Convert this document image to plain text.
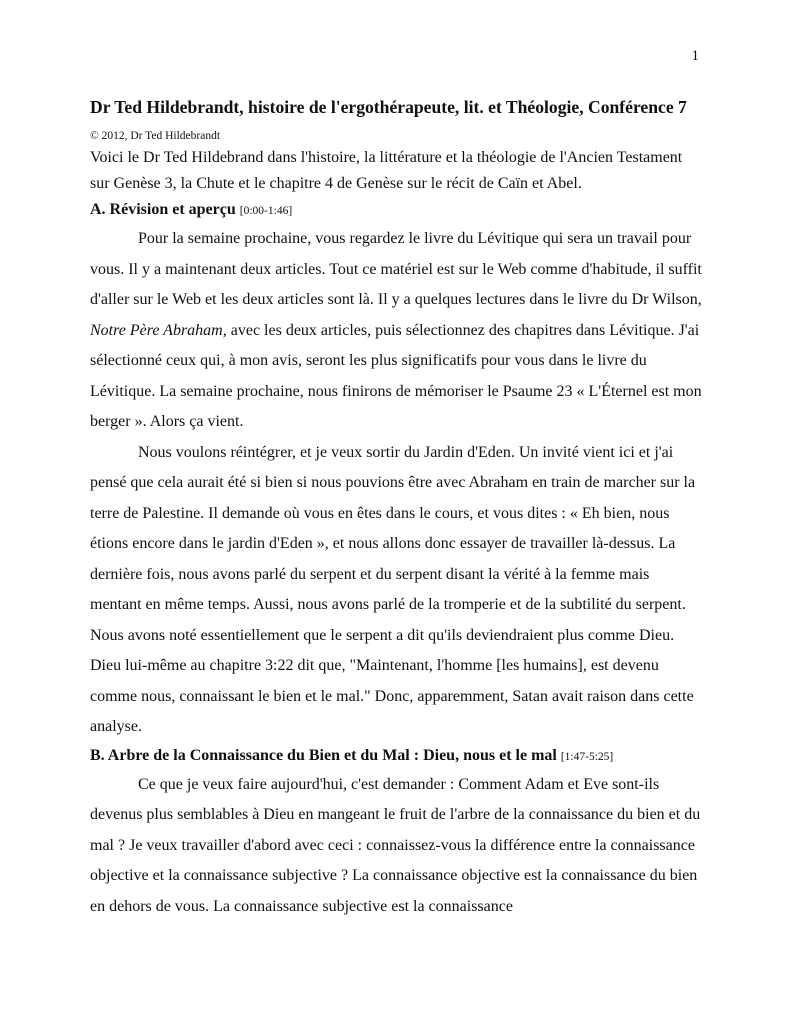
1
Dr Ted Hildebrandt, histoire de l'ergothérapeute, lit. et Théologie, Conférence 7

© 2012, Dr Ted Hildebrandt

Voici le Dr Ted Hildebrand dans l'histoire, la littérature et la théologie de l'Ancien Testament sur Genèse 3, la Chute et le chapitre 4 de Genèse sur le récit de Caïn et Abel.

A. Révision et aperçu [0:00-1:46]

Pour la semaine prochaine, vous regardez le livre du Lévitique qui sera un travail pour vous. Il y a maintenant deux articles. Tout ce matériel est sur le Web comme d'habitude, il suffit d'aller sur le Web et les deux articles sont là. Il y a quelques lectures dans le livre du Dr Wilson, Notre Père Abraham, avec les deux articles, puis sélectionnez des chapitres dans Lévitique. J'ai sélectionné ceux qui, à mon avis, seront les plus significatifs pour vous dans le livre du Lévitique. La semaine prochaine, nous finirons de mémoriser le Psaume 23 « L'Éternel est mon berger ». Alors ça vient.

Nous voulons réintégrer, et je veux sortir du Jardin d'Eden. Un invité vient ici et j'ai pensé que cela aurait été si bien si nous pouvions être avec Abraham en train de marcher sur la terre de Palestine. Il demande où vous en êtes dans le cours, et vous dites : « Eh bien, nous étions encore dans le jardin d'Eden », et nous allons donc essayer de travailler là-dessus. La dernière fois, nous avons parlé du serpent et du serpent disant la vérité à la femme mais mentant en même temps. Aussi, nous avons parlé de la tromperie et de la subtilité du serpent. Nous avons noté essentiellement que le serpent a dit qu'ils deviendraient plus comme Dieu. Dieu lui-même au chapitre 3:22 dit que, "Maintenant, l'homme [les humains], est devenu comme nous, connaissant le bien et le mal." Donc, apparemment, Satan avait raison dans cette analyse.

B. Arbre de la Connaissance du Bien et du Mal : Dieu, nous et le mal [1:47-5:25]

Ce que je veux faire aujourd'hui, c'est demander : Comment Adam et Eve sont-ils devenus plus semblables à Dieu en mangeant le fruit de l'arbre de la connaissance du bien et du mal ? Je veux travailler d'abord avec ceci : connaissez-vous la différence entre la connaissance objective et la connaissance subjective ? La connaissance objective est la connaissance du bien en dehors de vous. La connaissance subjective est la connaissance
